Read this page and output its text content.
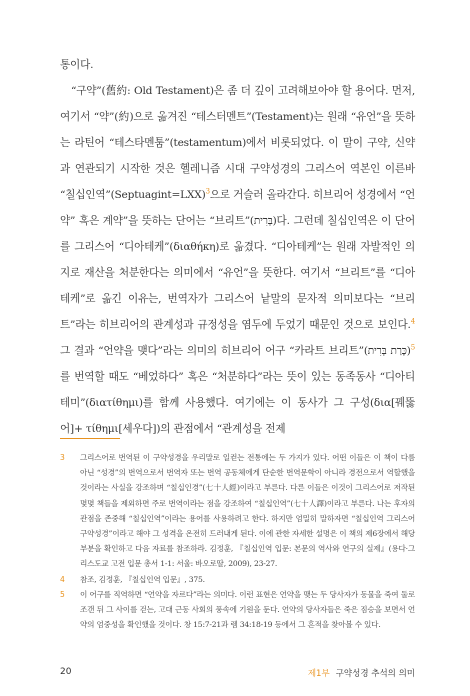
통이다.

“구약”(舊約: Old Testament)은 좀 더 깊이 고려해보아야 할 용어다. 먼저, 여기서 “약”(約)으로 옮겨진 “테스터멘트”(Testament)는 원래 “유언”을 뜻하는 라틴어 “테스타멘툼”(testamentum)에서 비롯되었다. 이 말이 구약, 신약과 연관되기 시작한 것은 헬레니즘 시대 구약성경의 그리스어 역본인 이른바 “칠십인역”(Septuagint=LXX)$^3$으로 거슬러 올라간다. 히브리어 성경에서 “언약” 혹은 계약”을 뜻하는 단어는 “브리트”(בְּרִית)다. 그런데 칠십인역은 이 단어를 그리스어 “디아테케”(διαθήκη)로 옮겼다. “디아테케”는 원래 자발적인 의지로 재산을 처분한다는 의미에서 “유언”을 뜻한다. 여기서 “브리트”를 “디아테케”로 옮긴 이유는, 번역자가 그리스어 낱말의 문자적 의미보다는 “브리트”라는 히브리어의 관계성과 규정성을 염두에 두었기 때문인 것으로 보인다.$^4$ 그 결과 “언약을 맺다”라는 의미의 히브리어 어구 “카라트 브리트”(כָּרַת בְּרִית)$^5$를 번역할 때도 “베었하다” 혹은 “처분하다”라는 뜻이 있는 동족동사 “디아티테미”(διατίθημι)를 함께 사용했다. 여기에는 이 동사가 그 구성(δια[꿰뚫어]+ τίθημι[세우다])의 관점에서 “관계성을 전제

3 그리스어로 번역된 이 구약성경을 우리말로 일컫는 전통에는 두 가지가 있다. 어떤 이들은 이 책이 다름 아닌 “성경”의 번역으로서 번역자 또는 번역 공동체에게 단순한 번역문학이 아니라 경전으로서 역할했을 것이라는 사실을 강조하며 “칠십인경”(七十人經)이라고 부른다. 다른 이들은 이것이 그리스어로 저작된 몇몇 책들을 제외하면 주로 번역이라는 점을 강조하여 “칠십인역”(七十人譯)이라고 부른다. 나는 후자의 관점을 존중해 “칠십인역”이라는 용어를 사용하려고 한다. 하지만 엄밀히 말하자면 “칠십인역 그리스어 구약성경”이라고 해야 그 성격을 온전히 드러내게 된다. 이에 관한 자세한 설명은 이 책의 제6장에서 해당 부분을 확인하고 다음 자료를 참조하라. 김정훈, 『칠십인역 입문: 본문의 역사와 연구의 실제』(용다·그리스도교 고전 입문 총서 1-1: 서울: 바오로딸, 2009), 23-27.
4 참조, 김정훈, 『칠십인역 입문』, 375.
5 이 어구를 직역하면 “언약을 자르다”라는 의미다. 이런 표현은 언약을 맺는 두 당사자가 동물을 죽여 둘로 조갠 뒤 그 사이를 걷는, 고대 근동 사회의 풍속에 기원을 둔다. 언약의 당사자들은 죽은 짐승을 보면서 언약의 엄중성을 확인했을 것이다. 창 15:7-21과 렘 34:18-19 등에서 그 흔적을 찾아볼 수 있다.
20	제1부 구약성경 추석의 의미
